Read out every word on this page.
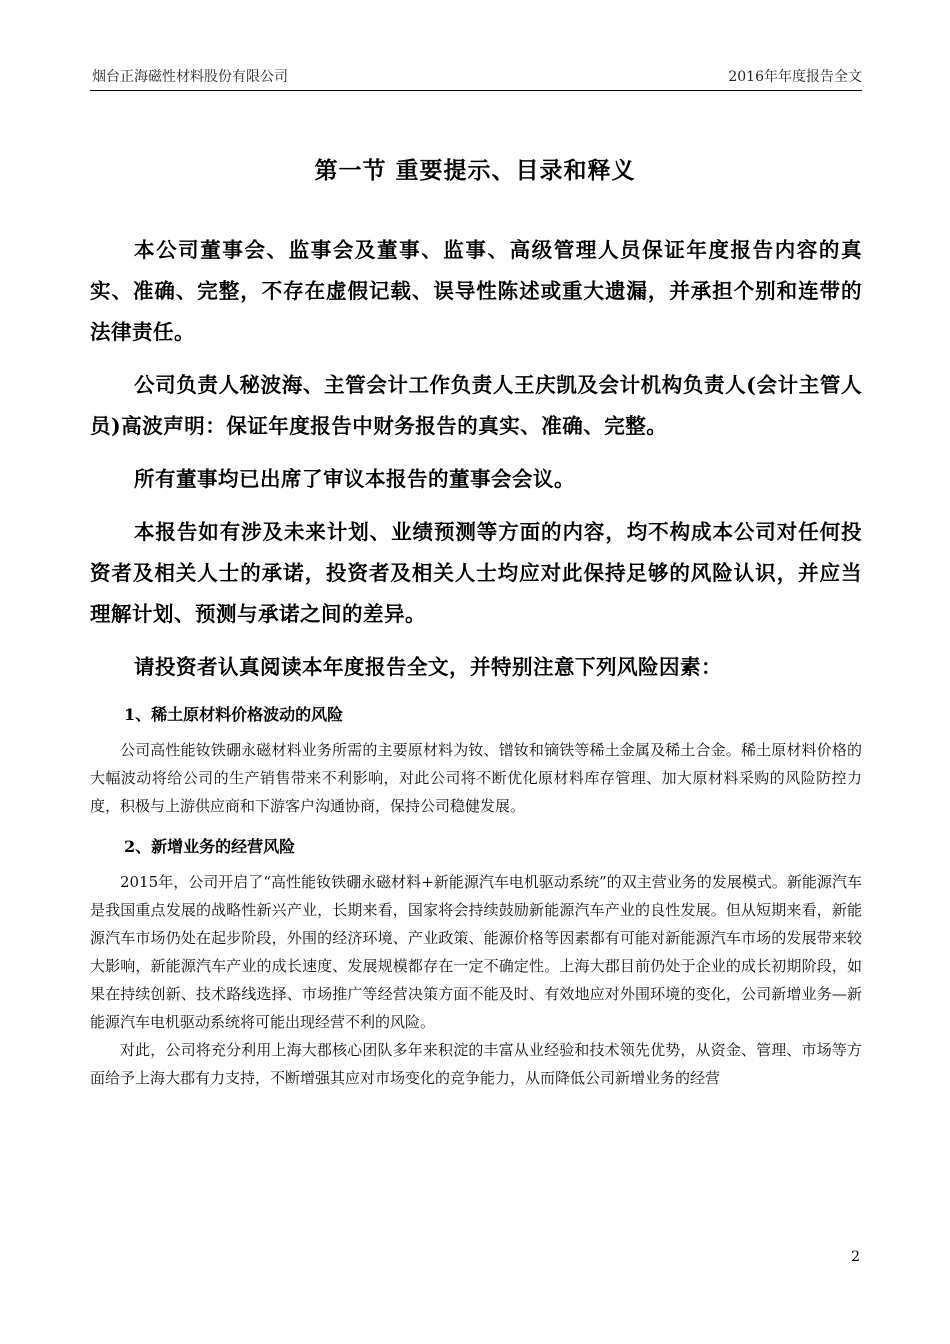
烟台正海磁性材料股份有限公司	2016年年度报告全文
第一节 重要提示、目录和释义

本公司董事会、监事会及董事、监事、高级管理人员保证年度报告内容的真实、准确、完整，不存在虚假记载、误导性陈述或重大遗漏，并承担个别和连带的法律责任。

公司负责人秘波海、主管会计工作负责人王庆凯及会计机构负责人(会计主管人员)高波声明：保证年度报告中财务报告的真实、准确、完整。

所有董事均已出席了审议本报告的董事会会议。

本报告如有涉及未来计划、业绩预测等方面的内容，均不构成本公司对任何投资者及相关人士的承诺，投资者及相关人士均应对此保持足够的风险认识，并应当理解计划、预测与承诺之间的差异。

请投资者认真阅读本年度报告全文，并特别注意下列风险因素：

1、稀土原材料价格波动的风险

公司高性能钕铁硼永磁材料业务所需的主要原材料为钕、镨钕和镝铁等稀土金属及稀土合金。稀土原材料价格的大幅波动将给公司的生产销售带来不利影响，对此公司将不断优化原材料库存管理、加大原材料采购的风险防控力度，积极与上游供应商和下游客户沟通协商，保持公司稳健发展。

2、新增业务的经营风险

2015年，公司开启了“高性能钕铁硼永磁材料+新能源汽车电机驱动系统”的双主营业务的发展模式。新能源汽车是我国重点发展的战略性新兴产业，长期来看，国家将会持续鼓励新能源汽车产业的良性发展。但从短期来看，新能源汽车市场仍处在起步阶段，外围的经济环境、产业政策、能源价格等因素都有可能对新能源汽车市场的发展带来较大影响，新能源汽车产业的成长速度、发展规模都存在一定不确定性。上海大郡目前仍处于企业的成长初期阶段，如果在持续创新、技术路线选择、市场推广等经营决策方面不能及时、有效地应对外围环境的变化，公司新增业务—新能源汽车电机驱动系统将可能出现经营不利的风险。

对此，公司将充分利用上海大郡核心团队多年来积淀的丰富从业经验和技术领先优势，从资金、管理、市场等方面给予上海大郡有力支持，不断增强其应对市场变化的竞争能力，从而降低公司新增业务的经营

2
